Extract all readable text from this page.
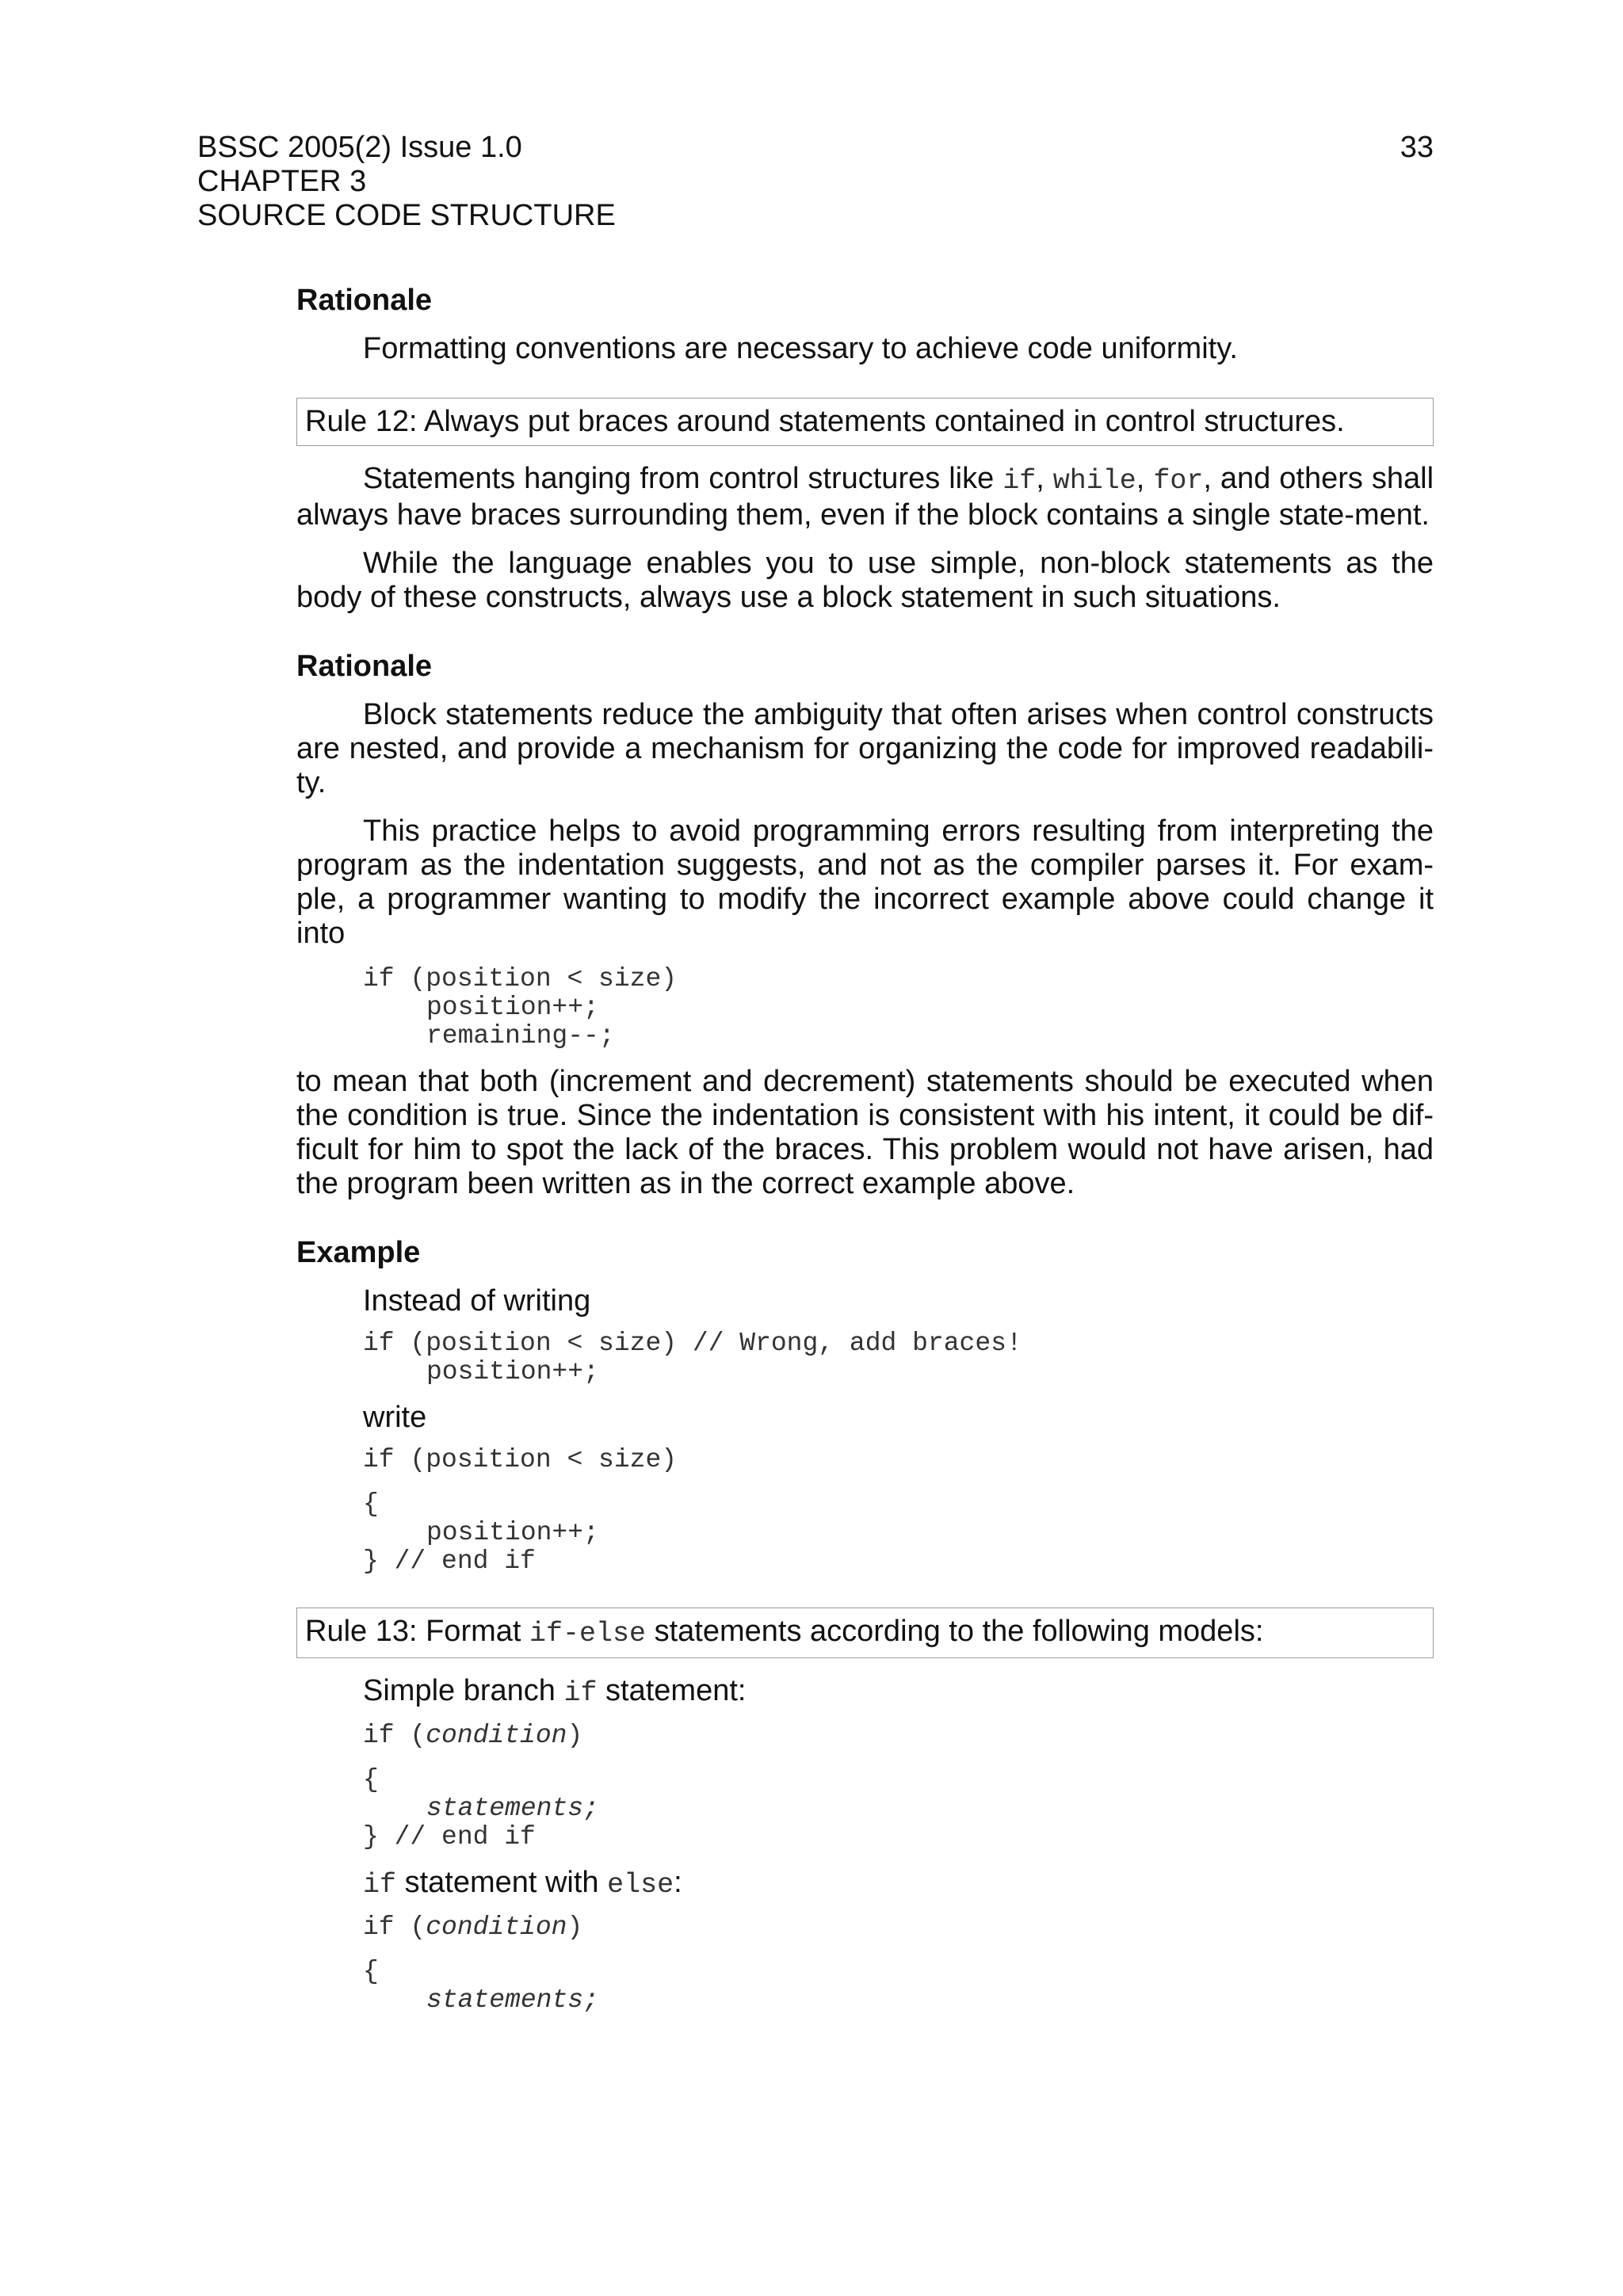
BSSC 2005(2) Issue 1.0
CHAPTER 3
SOURCE CODE STRUCTURE
33
Rationale
Formatting conventions are necessary to achieve code uniformity.
Rule 12: Always put braces around statements contained in control structures.
Statements hanging from control structures like if, while, for, and others shall always have braces surrounding them, even if the block contains a single state-ment.
While the language enables you to use simple, non-block statements as the body of these constructs, always use a block statement in such situations.
Rationale
Block statements reduce the ambiguity that often arises when control constructs are nested, and provide a mechanism for organizing the code for improved readabili-ty.
This practice helps to avoid programming errors resulting from interpreting the program as the indentation suggests, and not as the compiler parses it. For exam-ple, a programmer wanting to modify the incorrect example above could change it into
if (position < size)
position++;
remaining--;
to mean that both (increment and decrement) statements should be executed when the condition is true. Since the indentation is consistent with his intent, it could be dif-ficult for him to spot the lack of the braces. This problem would not have arisen, had the program been written as in the correct example above.
Example
Instead of writing
if (position < size) // Wrong, add braces!
position++;
write
if (position < size)
{
position++;
} // end if
Rule 13: Format if-else statements according to the following models:
Simple branch if statement:
if (condition)
{
statements;
} // end if
if statement with else:
if (condition)
{
statements;
